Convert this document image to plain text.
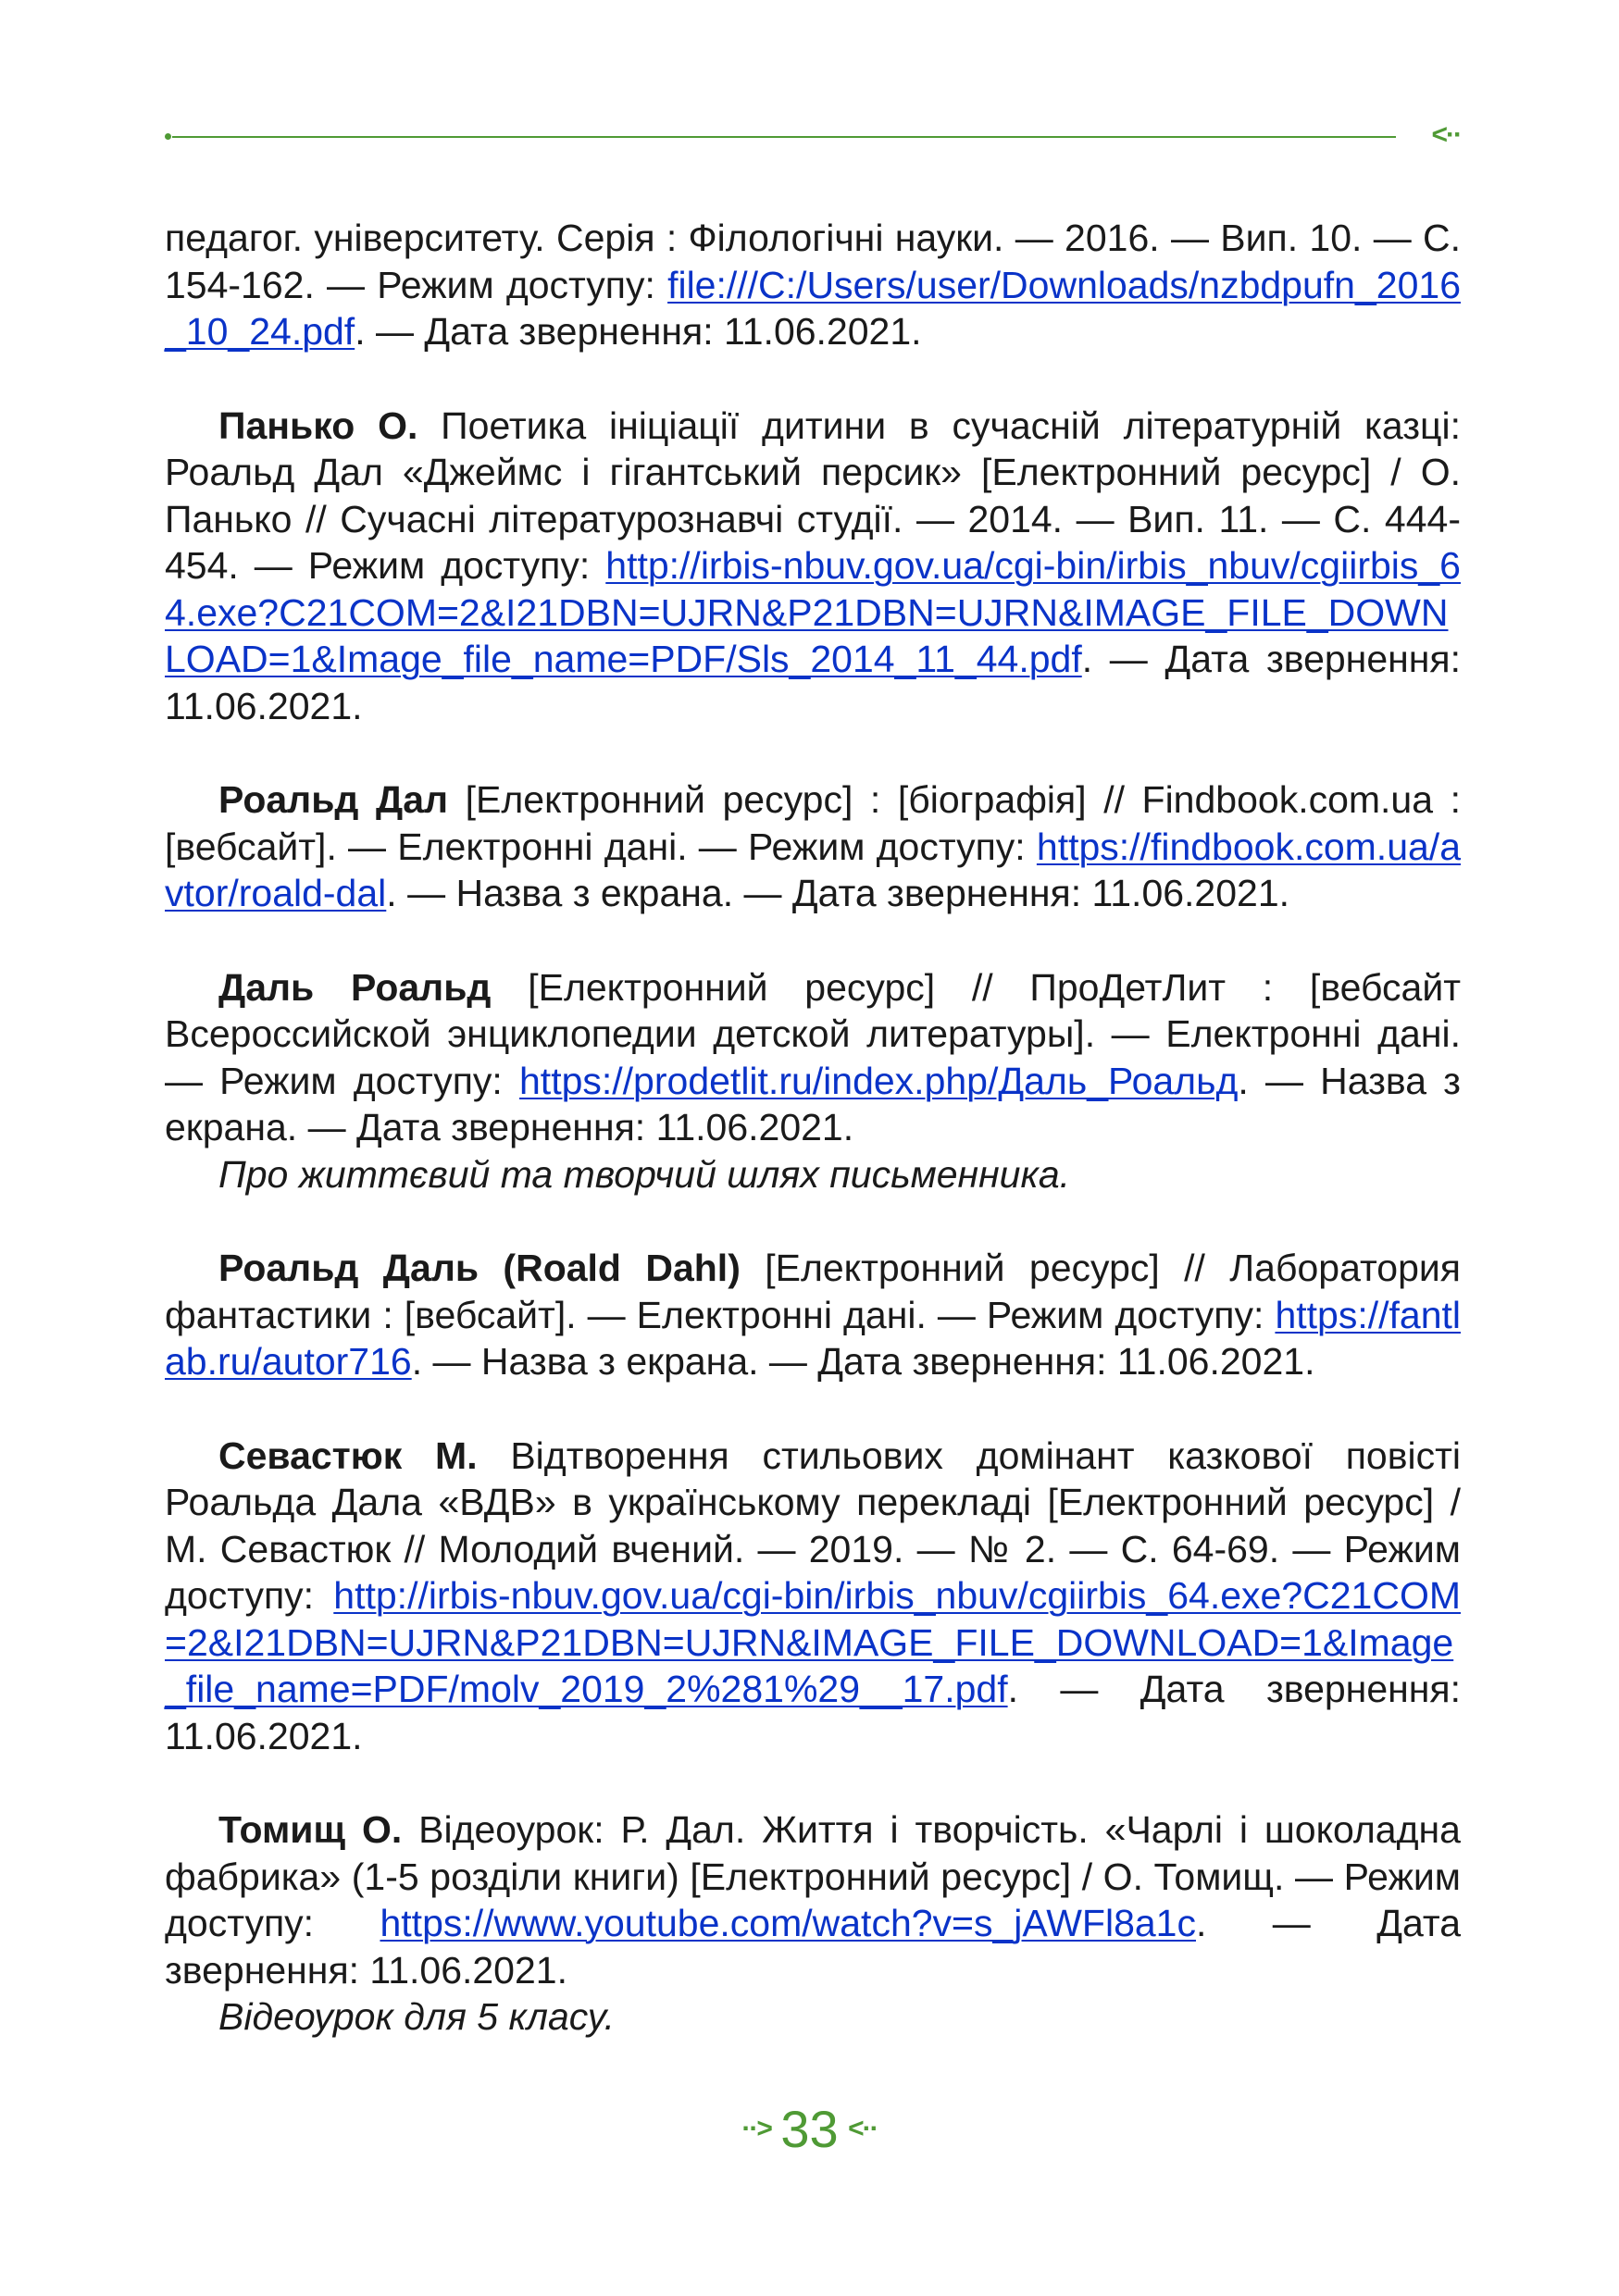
<··

педагог. університету. Серія : Філологічні науки. — 2016. — Вип. 10. — С. 154-162. — Режим доступу: file:///C:/Users/user/Downloads/nzbdpufn_2016_10_24.pdf. — Дата звернення: 11.06.2021.

Панько О. Поетика ініціації дитини в сучасній літературній казці: Роальд Дал «Джеймс і гігантський персик» [Електронний ресурс] / О. Панько // Сучасні літературознавчі студії. — 2014. — Вип. 11. — С. 444-454. — Режим доступу: http://irbis-nbuv.gov.ua/cgi-bin/irbis_nbuv/cgiirbis_64.exe?C21COM=2&I21DBN=UJRN&P21DBN=UJRN&IMAGE_FILE_DOWNLOAD=1&Image_file_name=PDF/Sls_2014_11_44.pdf. — Дата звернення: 11.06.2021.

Роальд Дал [Електронний ресурс] : [біографія] // Findbook.com.ua : [вебсайт]. — Електронні дані. — Режим доступу: https://findbook.com.ua/avtor/roald-dal. — Назва з екрана. — Дата звернення: 11.06.2021.

Даль Роальд [Електронний ресурс] // ПроДетЛит : [вебсайт Всероссийской энциклопедии детской литературы]. — Електронні дані. — Режим доступу: https://prodetlit.ru/index.php/Даль_Роальд. — Назва з екрана. — Дата звернення: 11.06.2021.

Про життєвий та творчий шлях письменника.

Роальд Даль (Roald Dahl) [Електронний ресурс] // Лаборатория фантастики : [вебсайт]. — Електронні дані. — Режим доступу: https://fantlab.ru/autor716. — Назва з екрана. — Дата звернення: 11.06.2021.

Севастюк М. Відтворення стильових домінант казкової повісті Роальда Дала «ВДВ» в українському перекладі [Електронний ресурс] / М. Севастюк // Молодий вчений. — 2019. — № 2. — С. 64-69. — Режим доступу: http://irbis-nbuv.gov.ua/cgi-bin/irbis_nbuv/cgiirbis_64.exe?C21COM=2&I21DBN=UJRN&P21DBN=UJRN&IMAGE_FILE_DOWNLOAD=1&Image_file_name=PDF/molv_2019_2%281%29__17.pdf. — Дата звернення: 11.06.2021.

Томищ О. Відеоурок: Р. Дал. Життя і творчість. «Чарлі і шоколадна фабрика» (1-5 розділи книги) [Електронний ресурс] / О. Томищ. — Режим доступу: https://www.youtube.com/watch?v=s_jAWFl8a1c. — Дата звернення: 11.06.2021.

Відеоурок для 5 класу.

··> 33 <··
